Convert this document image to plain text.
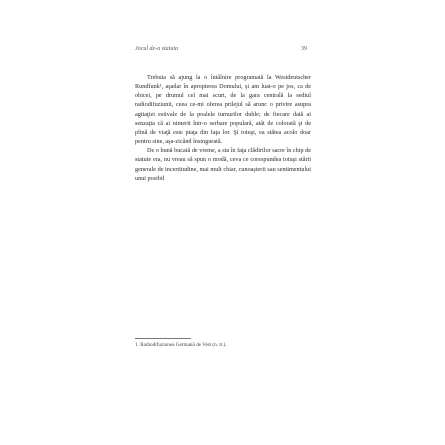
Jocul de-a statuia	39

Trebuia să ajung la o întâlnire programată la Westdeutscher Rundfunk¹, aşadar în apropierea Domului, şi am luat-o pe jos, ca de obicei, pe drumul cel mai scurt, de la gara centrală la sediul radiodifuziunii, ceea ce-mi oferea prilejul să arunc o privire asupra agitaţiei estivale de la poalele turnurilor duble; de fiecare dată ai senzaţia că ai nimerit într-o serbare populară, atât de colorată şi de plină de viaţă este piaţa din faţa lor. Şi totuşi, ea stătea acolo doar pentru sine, aşa-zicând însingurată.

De o bună bucată de vreme, a sta în faţa clădirilor sacre în chip de statuie era, nu vreau să spun o modă, ceva ce corespundea totuşi stării generale de incertitudine, mai mult chiar, cunoaşterii sau sentimentului unui posibil

1. Radiodifuziunea Germană de Vest (n. tr.).
